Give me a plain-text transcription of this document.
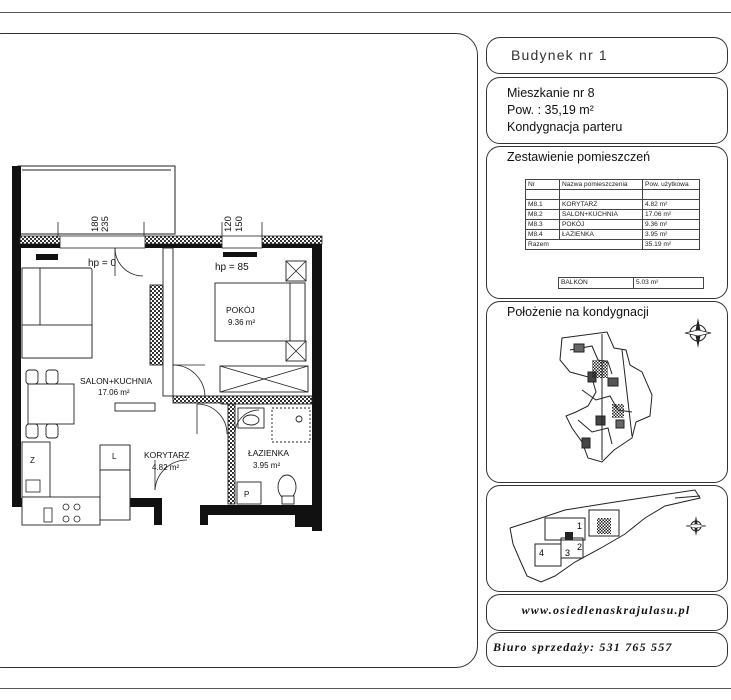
Budynek nr 1
Mieszkanie nr 8
Pow. : 35,19 m²
Kondygnacja parteru
Zestawienie pomieszczeń
Nr	Nazwa pomieszczenia	Pow. użytkowa

M8.1	KORYTARZ	4.82 m²
M8.2	SALON+KUCHNIA	17.06 m²
M8.3	POKÓJ	9.36 m²
M8.4	ŁAZIENKA	3.95 m²
Razem		35.19 m²
BALKON	5.03 m²
Położenie na kondygnacji
1
2
3
4
www.osiedlenaskrajulasu.pl
Biuro sprzedaży: 531 765 557
180 235	120 150
hp = 0	hp = 85
SALON+KUCHNIA
17.06 m²
POKÓJ
9.36 m²
KORYTARZ
4.82 m²
ŁAZIENKA
3.95 m²
L
Z
P
